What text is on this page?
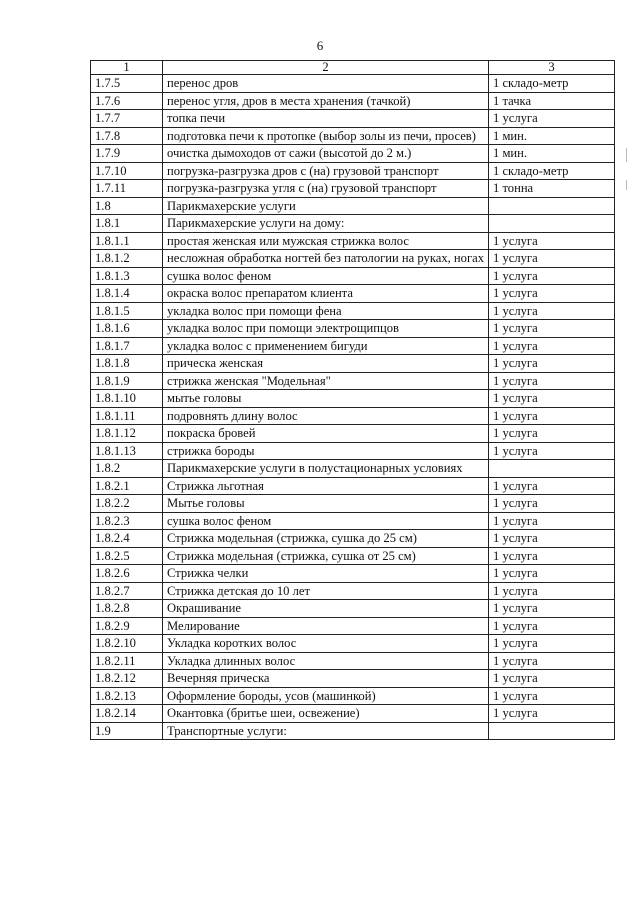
6
1	2	3
1.7.5	перенос дров	1 складо-метр
1.7.6	перенос угля, дров в места хранения (тачкой)	1 тачка
1.7.7	топка печи	1 услуга
1.7.8	подготовка печи к протопке (выбор золы из печи, просев)	1 мин.
1.7.9	очистка дымоходов от сажи (высотой до 2 м.)	1 мин.
1.7.10	погрузка-разгрузка дров с (на) грузовой транспорт	1 складо-метр
1.7.11	погрузка-разгрузка угля с (на) грузовой транспорт	1 тонна
1.8	Парикмахерские услуги	
1.8.1	Парикмахерские услуги на дому:	
1.8.1.1	простая женская или мужская стрижка волос	1 услуга
1.8.1.2	несложная обработка ногтей без патологии на руках, ногах	1 услуга
1.8.1.3	сушка волос феном	1 услуга
1.8.1.4	окраска волос препаратом клиента	1 услуга
1.8.1.5	укладка волос при помощи фена	1 услуга
1.8.1.6	укладка волос при помощи электрощипцов	1 услуга
1.8.1.7	укладка волос с применением бигуди	1 услуга
1.8.1.8	прическа женская	1 услуга
1.8.1.9	стрижка женская "Модельная"	1 услуга
1.8.1.10	мытье головы	1 услуга
1.8.1.11	подровнять длину волос	1 услуга
1.8.1.12	покраска бровей	1 услуга
1.8.1.13	стрижка бороды	1 услуга
1.8.2	Парикмахерские услуги в полустационарных условиях	
1.8.2.1	Стрижка льготная	1 услуга
1.8.2.2	Мытье головы	1 услуга
1.8.2.3	сушка волос феном	1 услуга
1.8.2.4	Стрижка модельная (стрижка, сушка до 25 см)	1 услуга
1.8.2.5	Стрижка модельная (стрижка, сушка от 25 см)	1 услуга
1.8.2.6	Стрижка челки	1 услуга
1.8.2.7	Стрижка детская до 10 лет	1 услуга
1.8.2.8	Окрашивание	1 услуга
1.8.2.9	Мелирование	1 услуга
1.8.2.10	Укладка коротких волос	1 услуга
1.8.2.11	Укладка длинных волос	1 услуга
1.8.2.12	Вечерняя прическа	1 услуга
1.8.2.13	Оформление бороды, усов (машинкой)	1 услуга
1.8.2.14	Окантовка (бритье шеи, освежение)	1 услуга
1.9	Транспортные услуги:	
